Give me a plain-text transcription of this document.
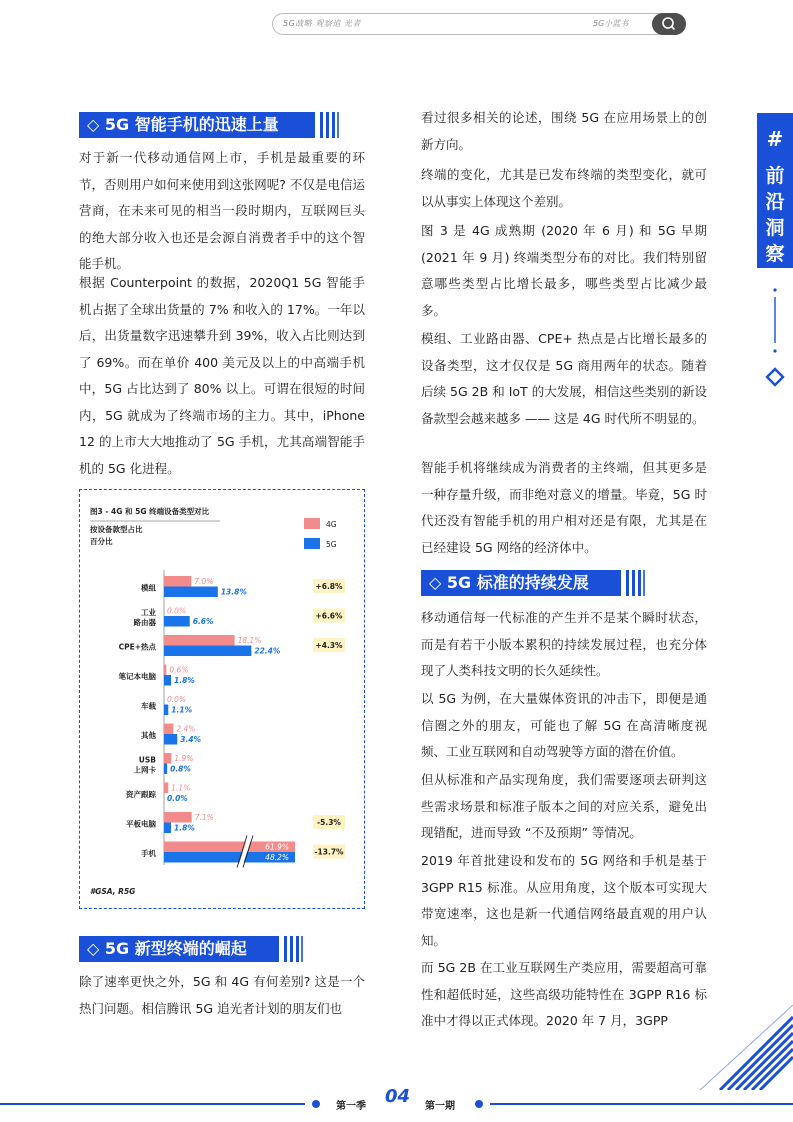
5G战略 观察追 光者	5G小蓝书
◇ 5G 智能手机的迅速上量
对于新一代移动通信网上市，手机是最重要的环节，否则用户如何来使用到这张网呢? 不仅是电信运营商，在未来可见的相当一段时期内，互联网巨头的绝大部分收入也还是会源自消费者手中的这个智能手机。
根据 Counterpoint 的数据，2020Q1 5G 智能手机占据了全球出货量的 7% 和收入的 17%。一年以后，出货量数字迅速攀升到 39%，收入占比则达到了 69%。而在单价 400 美元及以上的中高端手机中，5G 占比达到了 80% 以上。可谓在很短的时间内，5G 就成为了终端市场的主力。其中，iPhone 12 的上市大大地推动了 5G 手机，尤其高端智能手机的 5G 化进程。
图3 - 4G 和 5G 终端设备类型对比
按设备款型占比
百分比
4G
5G
模组
7.0%
13.8%
+6.8%
工业
路由器
0.0%
6.6%
+6.6%
CPE+热点
18.1%
22.4%
+4.3%
笔记本电脑
0.6%
1.8%
车载
0.0%
1.1%
其他
2.4%
3.4%
USB
上网卡
1.9%
0.8%
资产跟踪
1.1%
0.0%
平板电脑
7.1%
1.8%
-5.3%
手机
61.9%
48.2%
-13.7%
#GSA, R5G
◇ 5G 新型终端的崛起
除了速率更快之外，5G 和 4G 有何差别? 这是一个热门问题。相信腾讯 5G 追光者计划的朋友们也
看过很多相关的论述，围绕 5G 在应用场景上的创新方向。
终端的变化，尤其是已发布终端的类型变化，就可以从事实上体现这个差别。
图 3 是 4G 成熟期 (2020 年 6 月) 和 5G 早期 (2021 年 9 月) 终端类型分布的对比。我们特别留意哪些类型占比增长最多，哪些类型占比减少最多。
模组、工业路由器、CPE+ 热点是占比增长最多的设备类型，这才仅仅是 5G 商用两年的状态。随着后续 5G 2B 和 IoT 的大发展，相信这些类别的新设备款型会越来越多 —— 这是 4G 时代所不明显的。
智能手机将继续成为消费者的主终端，但其更多是一种存量升级，而非绝对意义的增量。毕竟，5G 时代还没有智能手机的用户相对还是有限，尤其是在已经建设 5G 网络的经济体中。
◇ 5G 标准的持续发展
移动通信每一代标准的产生并不是某个瞬时状态，而是有若干小版本累积的持续发展过程，也充分体现了人类科技文明的长久延续性。
以 5G 为例，在大量媒体资讯的冲击下，即便是通信圈之外的朋友，可能也了解 5G 在高清晰度视频、工业互联网和自动驾驶等方面的潜在价值。
但从标准和产品实现角度，我们需要逐项去研判这些需求场景和标准子版本之间的对应关系，避免出现错配，进而导致 “不及预期” 等情况。
2019 年首批建设和发布的 5G 网络和手机是基于 3GPP R15 标准。从应用角度，这个版本可实现大带宽速率，这也是新一代通信网络最直观的用户认知。
而 5G 2B 在工业互联网生产类应用，需要超高可靠性和超低时延，这些高级功能特性在 3GPP R16 标准中才得以正式体现。2020 年 7 月，3GPP
#
前
沿
洞
察
第一季 04 第一期
